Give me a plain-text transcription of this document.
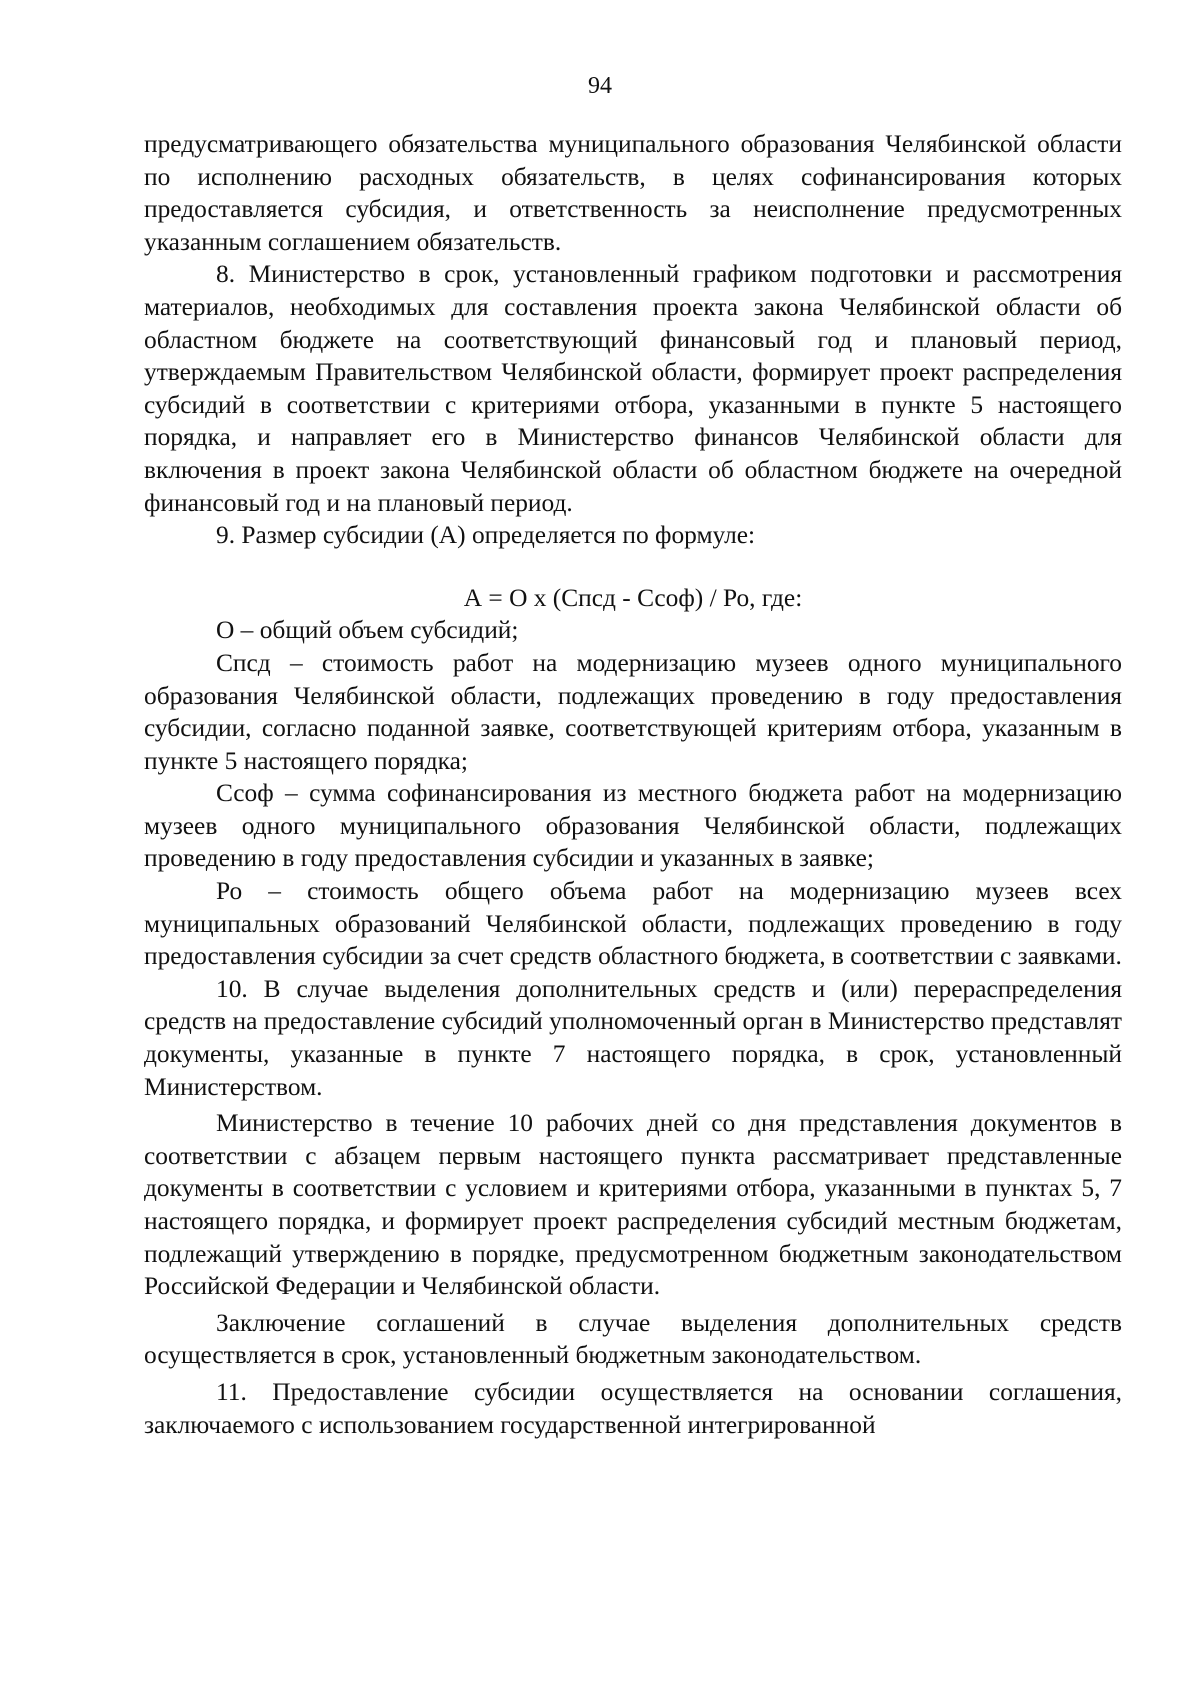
94

предусматривающего обязательства муниципального образования Челябинской области по исполнению расходных обязательств, в целях софинансирования которых предоставляется субсидия, и ответственность за неисполнение предусмотренных указанным соглашением обязательств.

8. Министерство в срок, установленный графиком подготовки и рассмотрения материалов, необходимых для составления проекта закона Челябинской области об областном бюджете на соответствующий финансовый год и плановый период, утверждаемым Правительством Челябинской области, формирует проект распределения субсидий в соответствии с критериями отбора, указанными в пункте 5 настоящего порядка, и направляет его в Министерство финансов Челябинской области для включения в проект закона Челябинской области об областном бюджете на очередной финансовый год и на плановый период.

9. Размер субсидии (А) определяется по формуле:

А = О х (Спсд - Ссоф) / Ро, где:

О – общий объем субсидий;

Спсд – стоимость работ на модернизацию музеев одного муниципального образования Челябинской области, подлежащих проведению в году предоставления субсидии, согласно поданной заявке, соответствующей критериям отбора, указанным в пункте 5 настоящего порядка;

Ссоф – сумма софинансирования из местного бюджета работ на модернизацию музеев одного муниципального образования Челябинской области, подлежащих проведению в году предоставления субсидии и указанных в заявке;

Ро – стоимость общего объема работ на модернизацию музеев всех муниципальных образований Челябинской области, подлежащих проведению в году предоставления субсидии за счет средств областного бюджета, в соответствии с заявками.

10. В случае выделения дополнительных средств и (или) перераспределения средств на предоставление субсидий уполномоченный орган в Министерство представлят документы, указанные в пункте 7 настоящего порядка, в срок, установленный Министерством.

Министерство в течение 10 рабочих дней со дня представления документов в соответствии с абзацем первым настоящего пункта рассматривает представленные документы в соответствии с условием и критериями отбора, указанными в пунктах 5, 7 настоящего порядка, и формирует проект распределения субсидий местным бюджетам, подлежащий утверждению в порядке, предусмотренном бюджетным законодательством Российской Федерации и Челябинской области.

Заключение соглашений в случае выделения дополнительных средств осуществляется в срок, установленный бюджетным законодательством.

11. Предоставление субсидии осуществляется на основании соглашения, заключаемого с использованием государственной интегрированной
